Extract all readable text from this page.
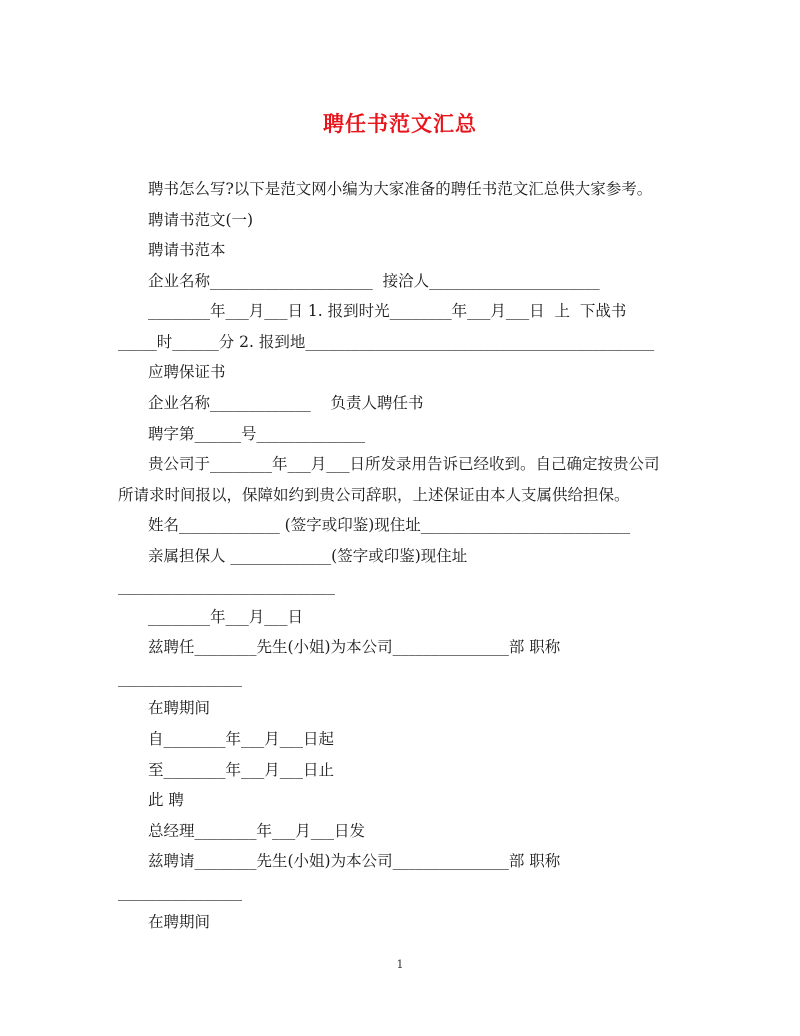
聘任书范文汇总
聘书怎么写?以下是范文网小编为大家准备的聘任书范文汇总供大家参考。
聘请书范文(一)
聘请书范本
企业名称_____________________  接洽人______________________
________年___月___日 1. 报到时光________年___月___日  上  下战书
_____时______分 2. 报到地_____________________________________________
应聘保证书
企业名称_____________    负责人聘任书
聘字第______号______________
贵公司于________年___月___日所发录用告诉已经收到。自己确定按贵公司
所请求时间报以，保障如约到贵公司辞职，上述保证由本人支属供给担保。
姓名_____________ (签字或印鉴)现住址___________________________
亲属担保人 _____________(签字或印鉴)现住址
____________________________
________年___月___日
兹聘任________先生(小姐)为本公司_______________部 职称
________________
在聘期间
自________年___月___日起
至________年___月___日止
此 聘
总经理________年___月___日发
兹聘请________先生(小姐)为本公司_______________部 职称
________________
在聘期间
1
